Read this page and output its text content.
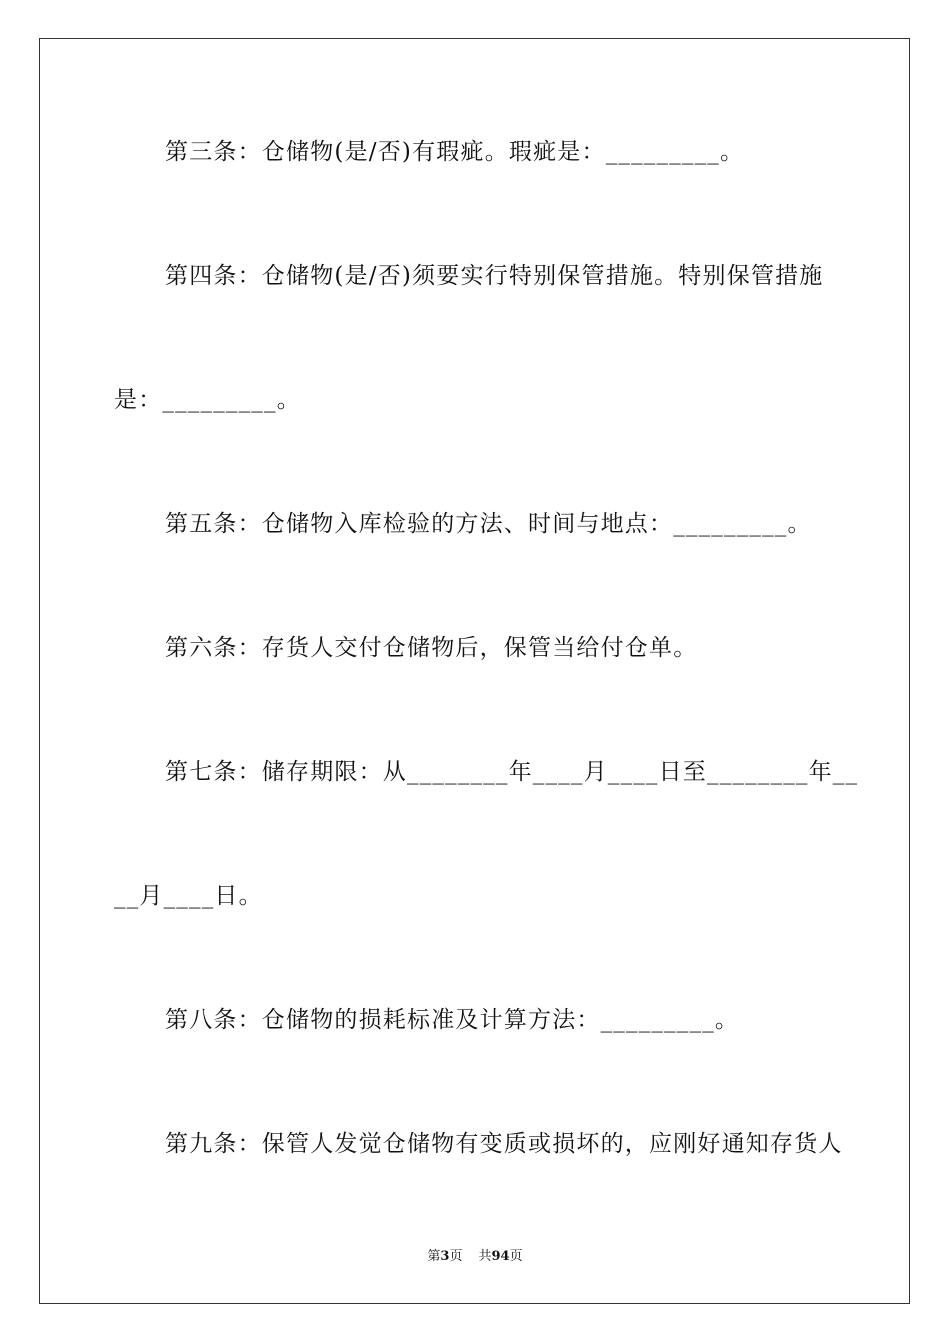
第三条：仓储物(是/否)有瑕疵。瑕疵是：_________。
第四条：仓储物(是/否)须要实行特别保管措施。特别保管措施
是：_________。
第五条：仓储物入库检验的方法、时间与地点：_________。
第六条：存货人交付仓储物后，保管当给付仓单。
第七条：储存期限：从________年____月____日至________年__
__月____日。
第八条：仓储物的损耗标准及计算方法：_________。
第九条：保管人发觉仓储物有变质或损坏的，应刚好通知存货人
第3页 共94页
